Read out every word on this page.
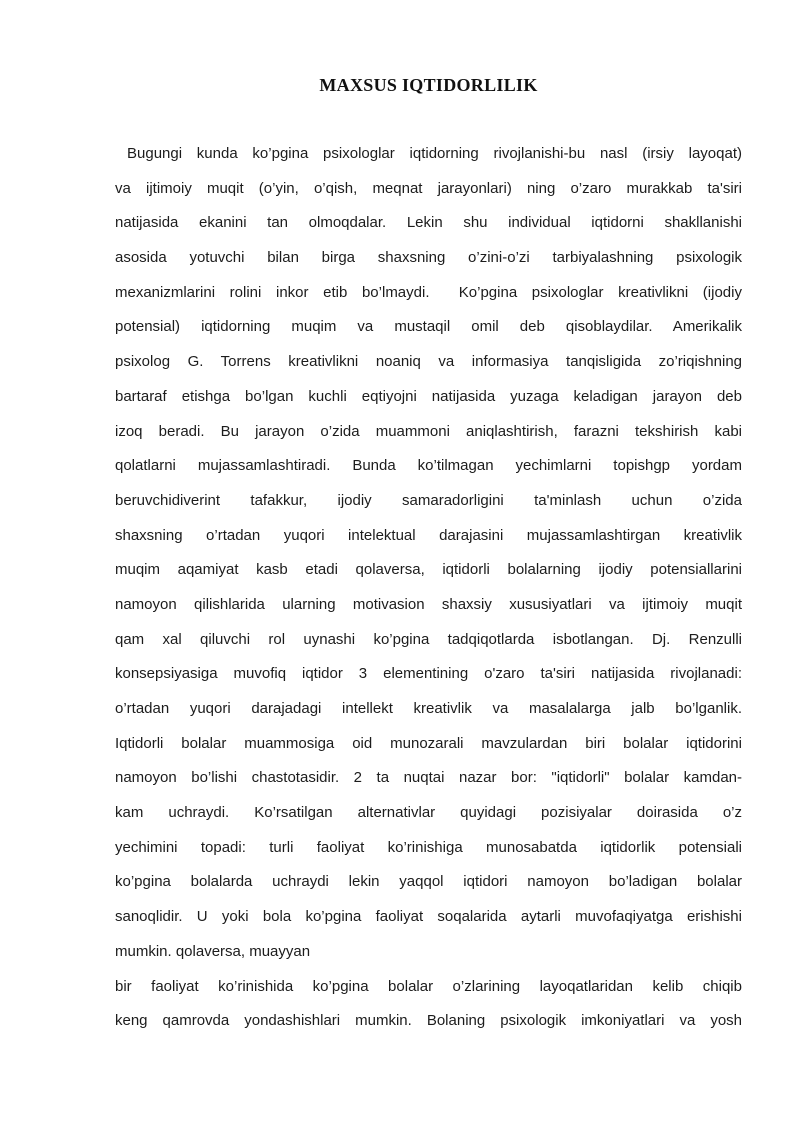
MAXSUS IQTIDORLILIK
Bugungi kunda ko’pgina psixologlar iqtidorning rivojlanishi-bu nasl (irsiy layoqat)
va ijtimoiy muqit (o’yin, o’qish, meqnat jarayonlari) ning o’zaro murakkab ta'siri
natijasida ekanini tan olmoqdalar. Lekin shu individual iqtidorni shakllanishi
asosida yotuvchi bilan birga shaxsning o’zini-o’zi tarbiyalashning psixologik
mexanizmlarini rolini inkor etib bo’lmaydi.  Ko’pgina psixologlar kreativlikni (ijodiy
potensial) iqtidorning muqim va mustaqil omil deb qisoblaydilar. Amerikalik
psixolog G. Torrens kreativlikni noaniq va informasiya tanqisligida zo’riqishning
bartaraf etishga bo’lgan kuchli eqtiyojni natijasida yuzaga keladigan jarayon deb
izoq beradi. Bu jarayon o’zida muammoni aniqlashtirish, farazni tekshirish kabi
qolatlarni mujassamlashtiradi. Bunda ko’tilmagan yechimlarni topishgp yordam
beruvchidiverint tafakkur, ijodiy samaradorligini ta'minlash uchun o’zida
shaxsning o’rtadan yuqori intelektual darajasini mujassamlashtirgan kreativlik
muqim aqamiyat kasb etadi qolaversa, iqtidorli bolalarning ijodiy potensiallarini
namoyon qilishlarida ularning motivasion shaxsiy xususiyatlari va ijtimoiy muqit
qam xal qiluvchi rol uynashi ko’pgina tadqiqotlarda isbotlangan. Dj. Renzulli
konsepsiyasiga muvofiq iqtidor 3 elementining o'zaro ta'siri natijasida rivojlanadi:
o’rtadan yuqori darajadagi intellekt kreativlik va masalalarga jalb bo’lganlik.
Iqtidorli bolalar muammosiga oid munozarali mavzulardan biri bolalar iqtidorini
namoyon bo’lishi chastotasidir. 2 ta nuqtai nazar bor: "iqtidorli" bolalar kamdan-
kam uchraydi. Ko’rsatilgan alternativlar quyidagi pozisiyalar doirasida o’z
yechimini topadi: turli faoliyat ko’rinishiga munosabatda iqtidorlik potensiali
ko’pgina bolalarda uchraydi lekin yaqqol iqtidori namoyon bo’ladigan bolalar
sanoqlidir. U yoki bola ko’pgina faoliyat soqalarida aytarli muvofaqiyatga erishishi
mumkin. qolaversa, muayyan
bir faoliyat ko’rinishida ko’pgina bolalar o’zlarining layoqatlaridan kelib chiqib
keng qamrovda yondashishlari mumkin. Bolaning psixologik imkoniyatlari va yosh
